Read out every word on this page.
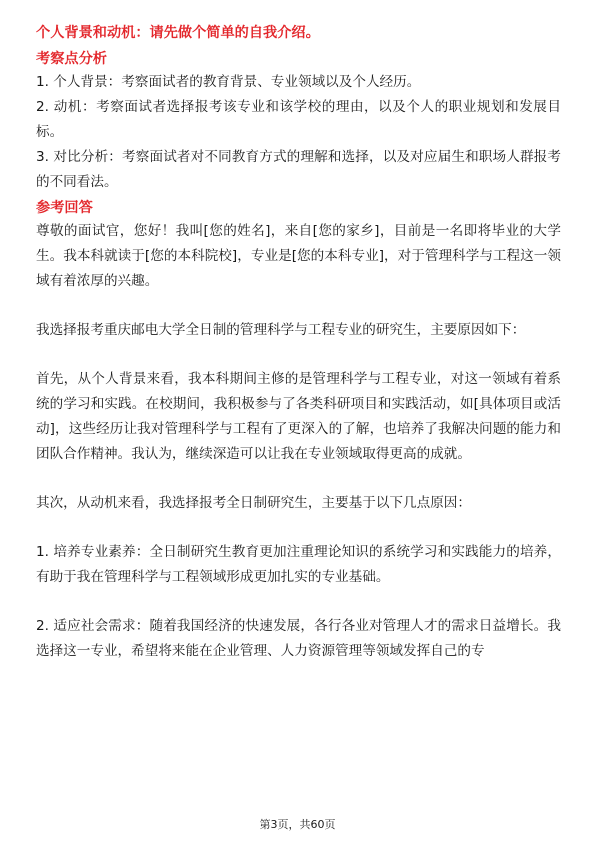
个人背景和动机：请先做个简单的自我介绍。

考察点分析

1. 个人背景：考察面试者的教育背景、专业领域以及个人经历。

2. 动机：考察面试者选择报考该专业和该学校的理由，以及个人的职业规划和发展目标。

3. 对比分析：考察面试者对不同教育方式的理解和选择，以及对应届生和职场人群报考的不同看法。

参考回答

尊敬的面试官，您好！我叫[您的姓名]，来自[您的家乡]，目前是一名即将毕业的大学生。我本科就读于[您的本科院校]，专业是[您的本科专业]，对于管理科学与工程这一领域有着浓厚的兴趣。

我选择报考重庆邮电大学全日制的管理科学与工程专业的研究生，主要原因如下：

首先，从个人背景来看，我本科期间主修的是管理科学与工程专业，对这一领域有着系统的学习和实践。在校期间，我积极参与了各类科研项目和实践活动，如[具体项目或活动]，这些经历让我对管理科学与工程有了更深入的了解，也培养了我解决问题的能力和团队合作精神。我认为，继续深造可以让我在专业领域取得更高的成就。

其次，从动机来看，我选择报考全日制研究生，主要基于以下几点原因：

1. 培养专业素养：全日制研究生教育更加注重理论知识的系统学习和实践能力的培养，有助于我在管理科学与工程领域形成更加扎实的专业基础。

2. 适应社会需求：随着我国经济的快速发展，各行各业对管理人才的需求日益增长。我选择这一专业，希望将来能在企业管理、人力资源管理等领域发挥自己的专

第3页，共60页
